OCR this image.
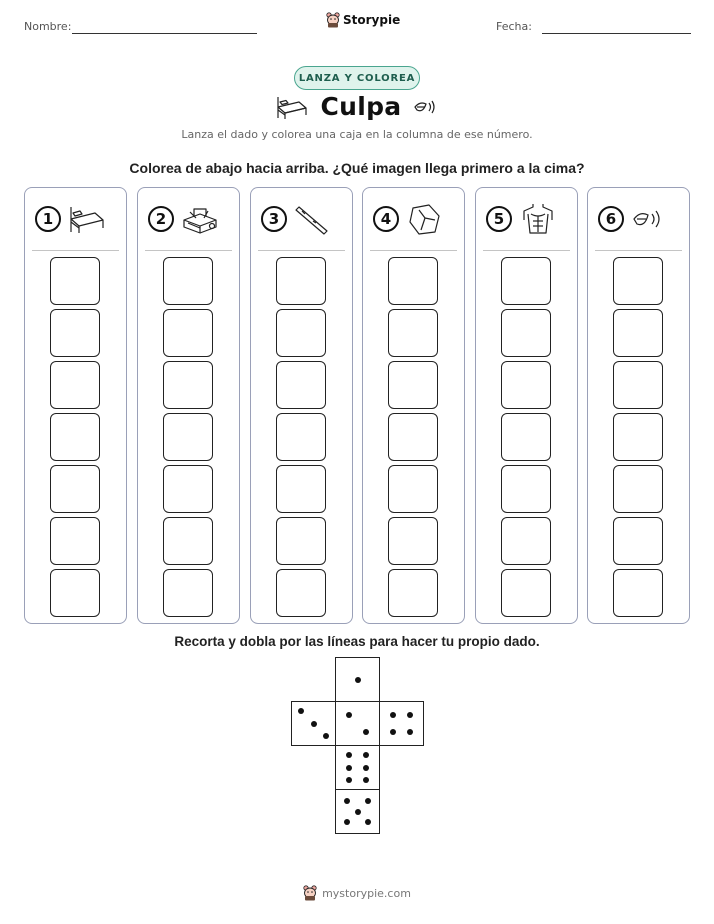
Nombre:	Storypie	Fecha:
LANZA Y COLOREA
Culpa
Lanza el dado y colorea una caja en la columna de ese número.
Colorea de abajo hacia arriba. ¿Qué imagen llega primero a la cima?
1	2	3	4	5	6
Recorta y dobla por las líneas para hacer tu propio dado.
mystorypie.com
